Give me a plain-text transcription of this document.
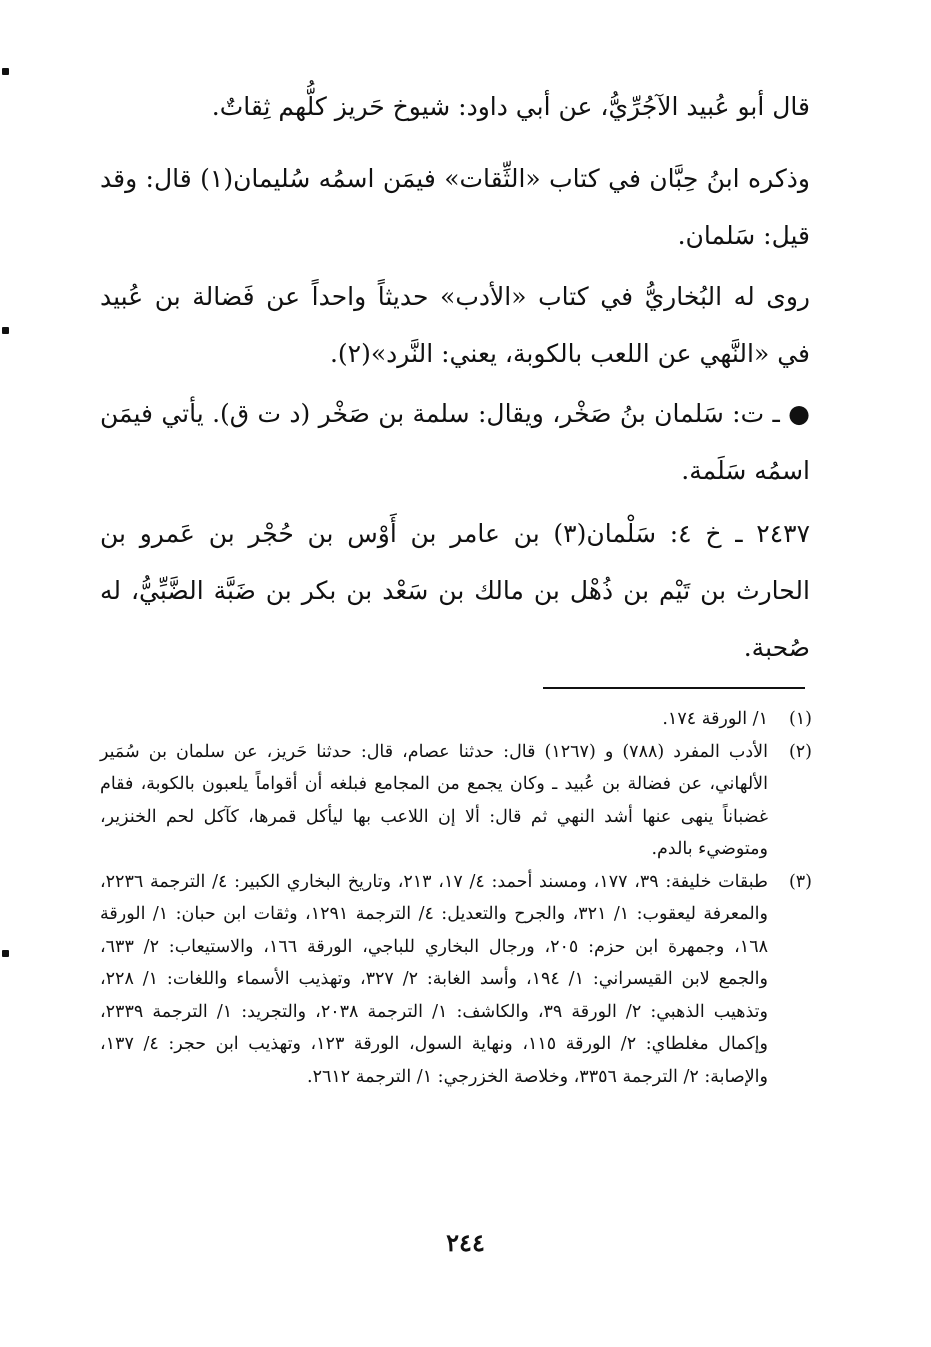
قال أبو عُبيد الآجُرِّيُّ، عن أبي داود: شيوخ حَريز كلُّهم ثِقاتٌ.

وذكره ابنُ حِبَّان في كتاب «الثِّقات» فيمَن اسمُه سُليمان(١) قال: وقد قيل: سَلمان.

روى له البُخاريُّ في كتاب «الأدب» حديثاً واحداً عن فَضالة بن عُبيد في «النَّهي عن اللعب بالكوبة، يعني: النَّرد»(٢).

● ـ ت: سَلمان بنُ صَخْر، ويقال: سلمة بن صَخْر (د ت ق). يأتي فيمَن اسمُه سَلَمة.

٢٤٣٧ ـ خ ٤: سَلْمان(٣) بن عامر بن أَوْس بن حُجْر بن عَمرو بن الحارث بن تَيْم بن ذُهْل بن مالك بن سَعْد بن بكر بن ضَبَّة الضَّبِّيُّ، له صُحبة.

(١)
١/ الورقة ١٧٤.
(٢)
الأدب المفرد (٧٨٨) و (١٢٦٧) قال: حدثنا عصام، قال: حدثنا حَريز، عن سلمان بن سُمَير الألهاني، عن فضالة بن عُبيد ـ وكان يجمع من المجامع فبلغه أن أقواماً يلعبون بالكوبة، فقام غضباناً ينهى عنها أشد النهي ثم قال: ألا إن اللاعب بها ليأكل قمرها، كآكل لحم الخنزير، ومتوضيء بالدم.
(٣)
طبقات خليفة: ٣٩، ١٧٧، ومسند أحمد: ٤/ ١٧، ٢١٣، وتاريخ البخاري الكبير: ٤/ الترجمة ٢٢٣٦، والمعرفة ليعقوب: ١/ ٣٢١، والجرح والتعديل: ٤/ الترجمة ١٢٩١، وثقات ابن حبان: ١/ الورقة ١٦٨، وجمهرة ابن حزم: ٢٠٥، ورجال البخاري للباجي، الورقة ١٦٦، والاستيعاب: ٢/ ٦٣٣، والجمع لابن القيسراني: ١/ ١٩٤، وأسد الغابة: ٢/ ٣٢٧، وتهذيب الأسماء واللغات: ١/ ٢٢٨، وتذهيب الذهبي: ٢/ الورقة ٣٩، والكاشف: ١/ الترجمة ٢٠٣٨، والتجريد: ١/ الترجمة ٢٣٣٩، وإكمال مغلطاي: ٢/ الورقة ١١٥، ونهاية السول، الورقة ١٢٣، وتهذيب ابن حجر: ٤/ ١٣٧، والإصابة: ٢/ الترجمة ٣٣٥٦، وخلاصة الخزرجي: ١/ الترجمة ٢٦١٢.
٢٤٤
